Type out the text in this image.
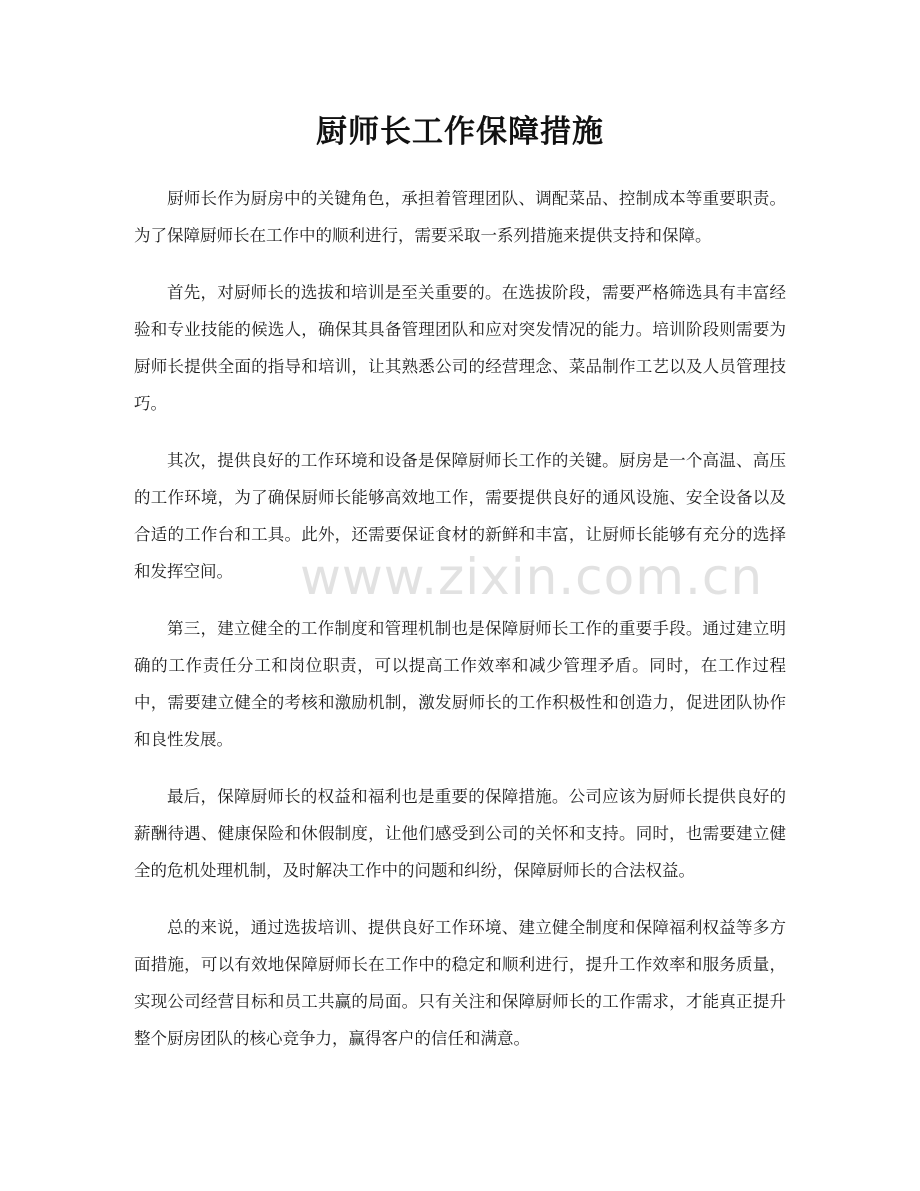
厨师长工作保障措施

厨师长作为厨房中的关键角色，承担着管理团队、调配菜品、控制成本等重要职责。为了保障厨师长在工作中的顺利进行，需要采取一系列措施来提供支持和保障。

首先，对厨师长的选拔和培训是至关重要的。在选拔阶段，需要严格筛选具有丰富经验和专业技能的候选人，确保其具备管理团队和应对突发情况的能力。培训阶段则需要为厨师长提供全面的指导和培训，让其熟悉公司的经营理念、菜品制作工艺以及人员管理技巧。

其次，提供良好的工作环境和设备是保障厨师长工作的关键。厨房是一个高温、高压的工作环境，为了确保厨师长能够高效地工作，需要提供良好的通风设施、安全设备以及合适的工作台和工具。此外，还需要保证食材的新鲜和丰富，让厨师长能够有充分的选择和发挥空间。

第三，建立健全的工作制度和管理机制也是保障厨师长工作的重要手段。通过建立明确的工作责任分工和岗位职责，可以提高工作效率和减少管理矛盾。同时，在工作过程中，需要建立健全的考核和激励机制，激发厨师长的工作积极性和创造力，促进团队协作和良性发展。

最后，保障厨师长的权益和福利也是重要的保障措施。公司应该为厨师长提供良好的薪酬待遇、健康保险和休假制度，让他们感受到公司的关怀和支持。同时，也需要建立健全的危机处理机制，及时解决工作中的问题和纠纷，保障厨师长的合法权益。

总的来说，通过选拔培训、提供良好工作环境、建立健全制度和保障福利权益等多方面措施，可以有效地保障厨师长在工作中的稳定和顺利进行，提升工作效率和服务质量，实现公司经营目标和员工共赢的局面。只有关注和保障厨师长的工作需求，才能真正提升整个厨房团队的核心竞争力，赢得客户的信任和满意。

www.zixin.com.cn
